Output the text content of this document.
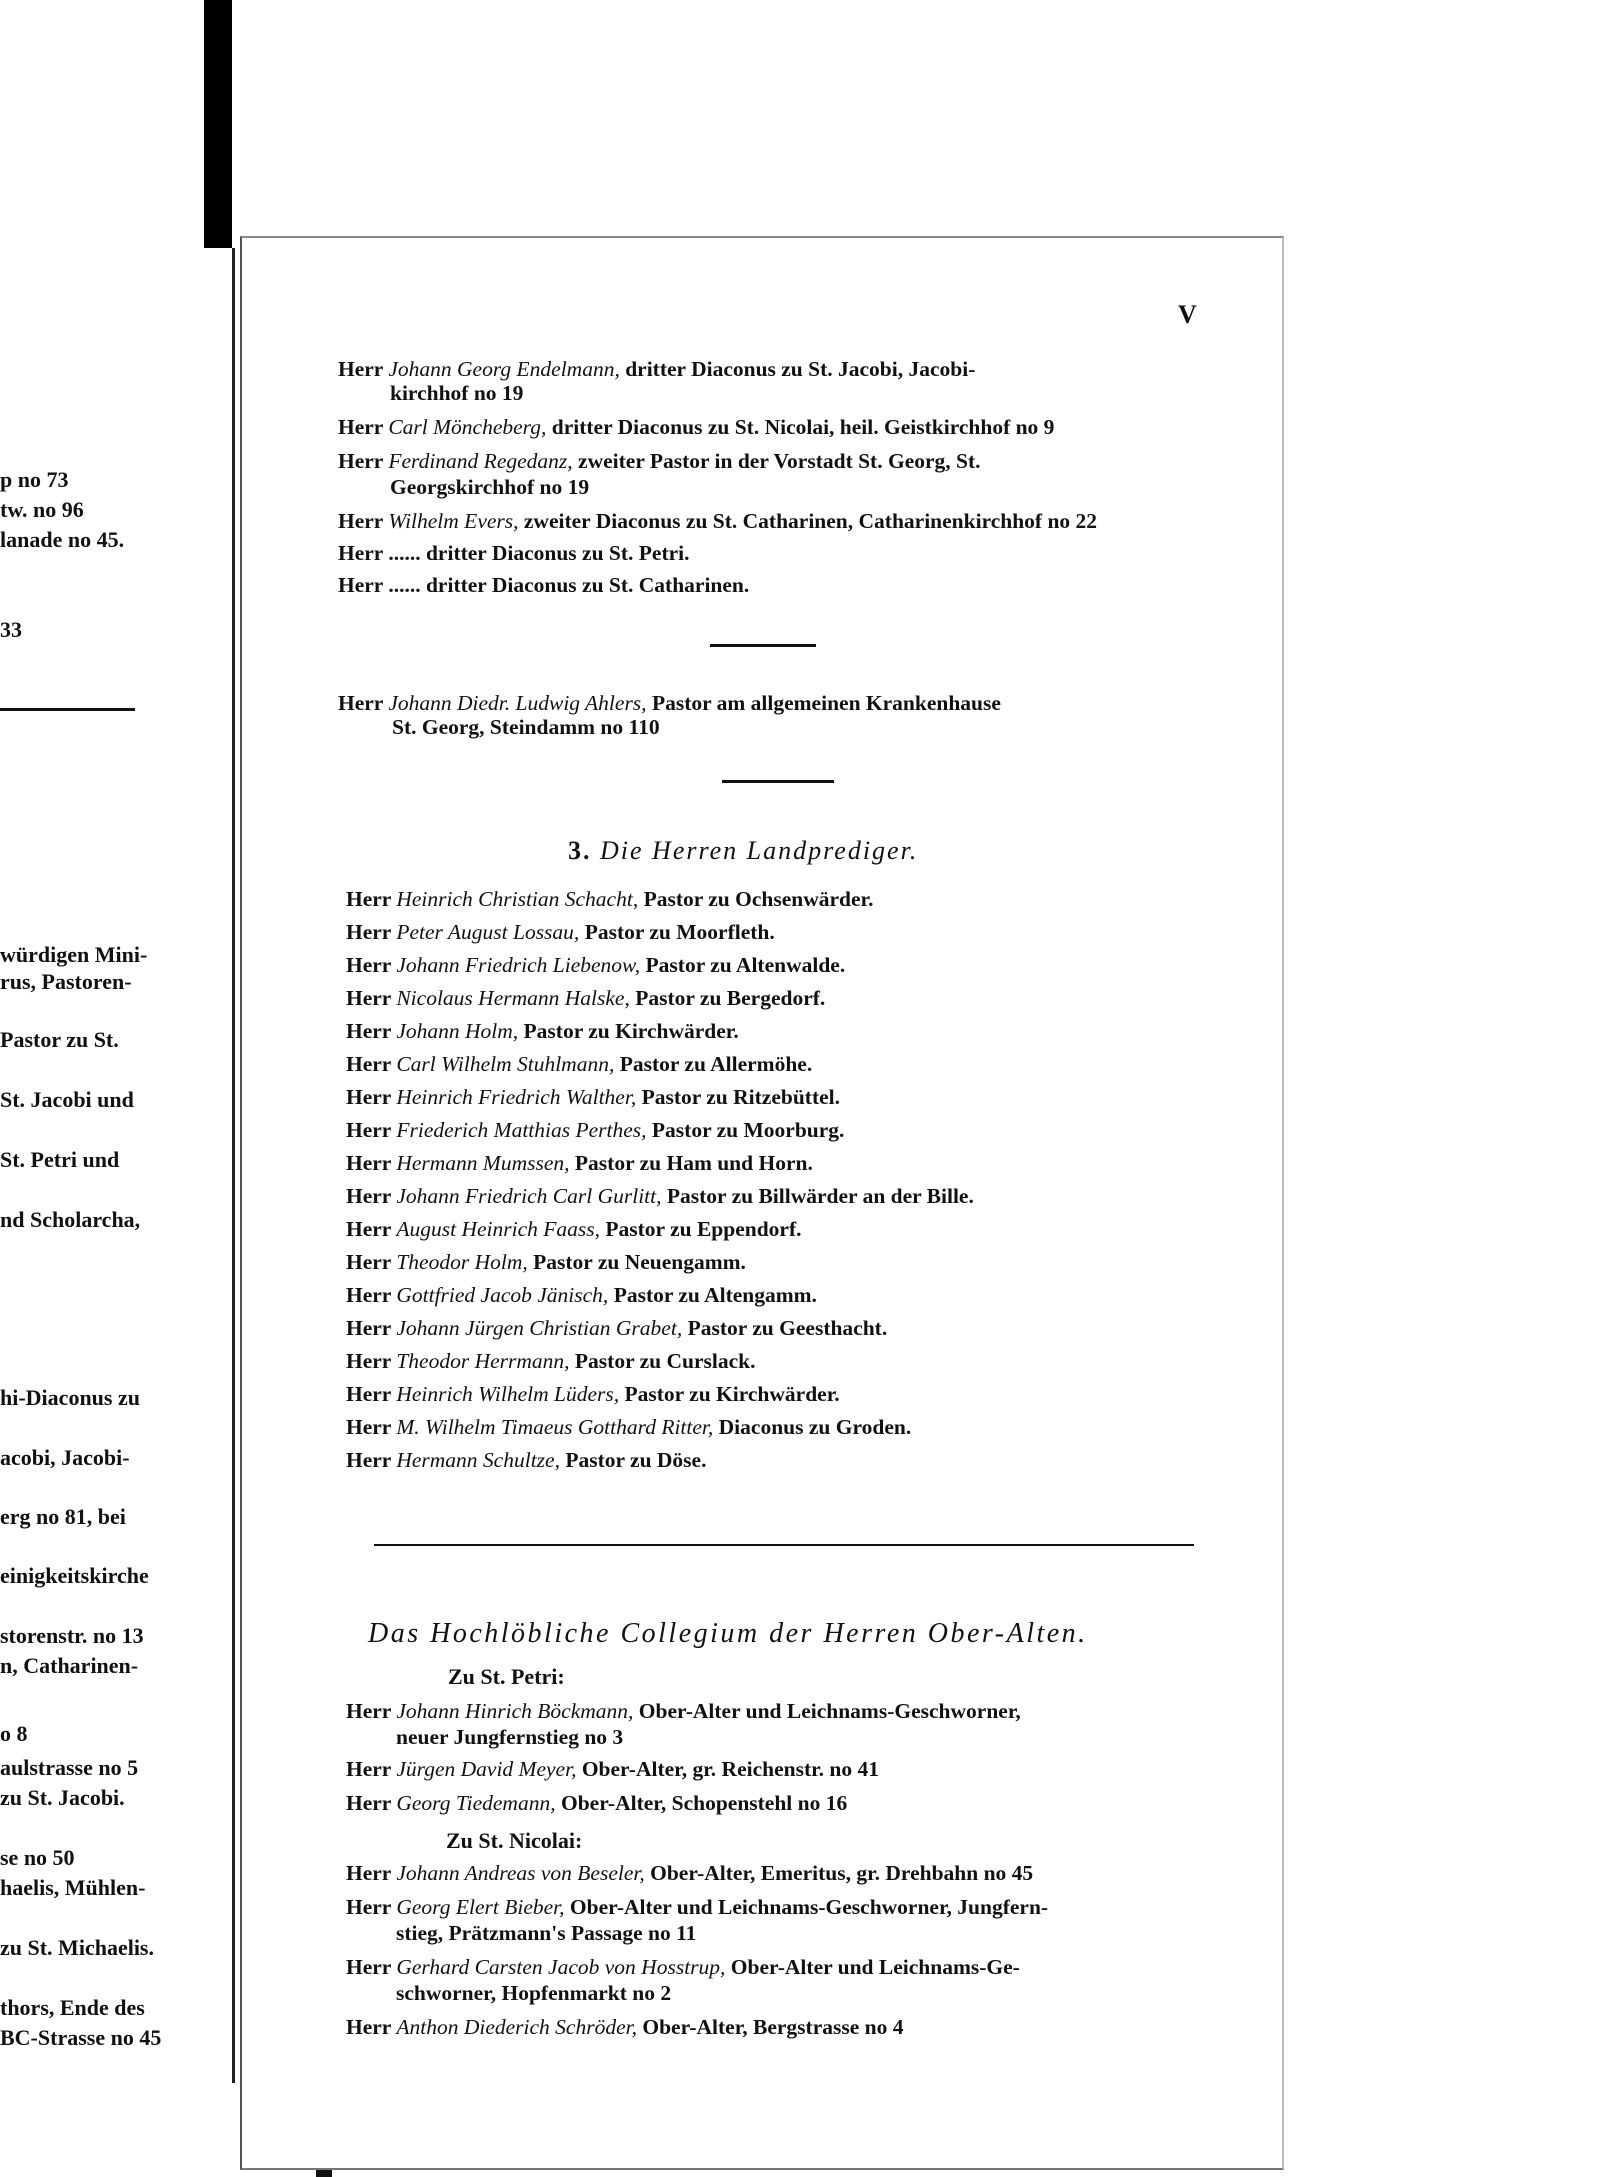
p no 73
tw. no 96
lanade no 45.
33
würdigen Mini-
rus, Pastoren-
Pastor zu St.
St. Jacobi und
St. Petri und
nd Scholarcha,
hi-Diaconus zu
acobi, Jacobi-
erg no 81, bei
einigkeitskirche
storenstr. no 13
n, Catharinen-
o 8
aulstrasse no 5
zu St. Jacobi.
se no 50
haelis, Mühlen-
zu St. Michaelis.
thors, Ende des
BC-Strasse no 45
V
Herr Johann Georg Endelmann, dritter Diaconus zu St. Jacobi, Jacobi-
kirchhof no 19
Herr Carl Möncheberg, dritter Diaconus zu St. Nicolai, heil. Geistkirchhof no 9
Herr Ferdinand Regedanz, zweiter Pastor in der Vorstadt St. Georg, St.
Georgskirchhof no 19
Herr Wilhelm Evers, zweiter Diaconus zu St. Catharinen, Catharinenkirchhof no 22
Herr ...... dritter Diaconus zu St. Petri.
Herr ...... dritter Diaconus zu St. Catharinen.
Herr Johann Diedr. Ludwig Ahlers, Pastor am allgemeinen Krankenhause
St. Georg, Steindamm no 110
3. Die Herren Landprediger.
Herr Heinrich Christian Schacht, Pastor zu Ochsenwärder.
Herr Peter August Lossau, Pastor zu Moorfleth.
Herr Johann Friedrich Liebenow, Pastor zu Altenwalde.
Herr Nicolaus Hermann Halske, Pastor zu Bergedorf.
Herr Johann Holm, Pastor zu Kirchwärder.
Herr Carl Wilhelm Stuhlmann, Pastor zu Allermöhe.
Herr Heinrich Friedrich Walther, Pastor zu Ritzebüttel.
Herr Friederich Matthias Perthes, Pastor zu Moorburg.
Herr Hermann Mumssen, Pastor zu Ham und Horn.
Herr Johann Friedrich Carl Gurlitt, Pastor zu Billwärder an der Bille.
Herr August Heinrich Faass, Pastor zu Eppendorf.
Herr Theodor Holm, Pastor zu Neuengamm.
Herr Gottfried Jacob Jänisch, Pastor zu Altengamm.
Herr Johann Jürgen Christian Grabet, Pastor zu Geesthacht.
Herr Theodor Herrmann, Pastor zu Curslack.
Herr Heinrich Wilhelm Lüders, Pastor zu Kirchwärder.
Herr M. Wilhelm Timaeus Gotthard Ritter, Diaconus zu Groden.
Herr Hermann Schultze, Pastor zu Döse.
Das Hochlöbliche Collegium der Herren Ober-Alten.
Zu St. Petri:
Herr Johann Hinrich Böckmann, Ober-Alter und Leichnams-Geschworner,
neuer Jungfernstieg no 3
Herr Jürgen David Meyer, Ober-Alter, gr. Reichenstr. no 41
Herr Georg Tiedemann, Ober-Alter, Schopenstehl no 16
Zu St. Nicolai:
Herr Johann Andreas von Beseler, Ober-Alter, Emeritus, gr. Drehbahn no 45
Herr Georg Elert Bieber, Ober-Alter und Leichnams-Geschworner, Jungfern-
stieg, Prätzmann's Passage no 11
Herr Gerhard Carsten Jacob von Hosstrup, Ober-Alter und Leichnams-Ge-
schworner, Hopfenmarkt no 2
Herr Anthon Diederich Schröder, Ober-Alter, Bergstrasse no 4
